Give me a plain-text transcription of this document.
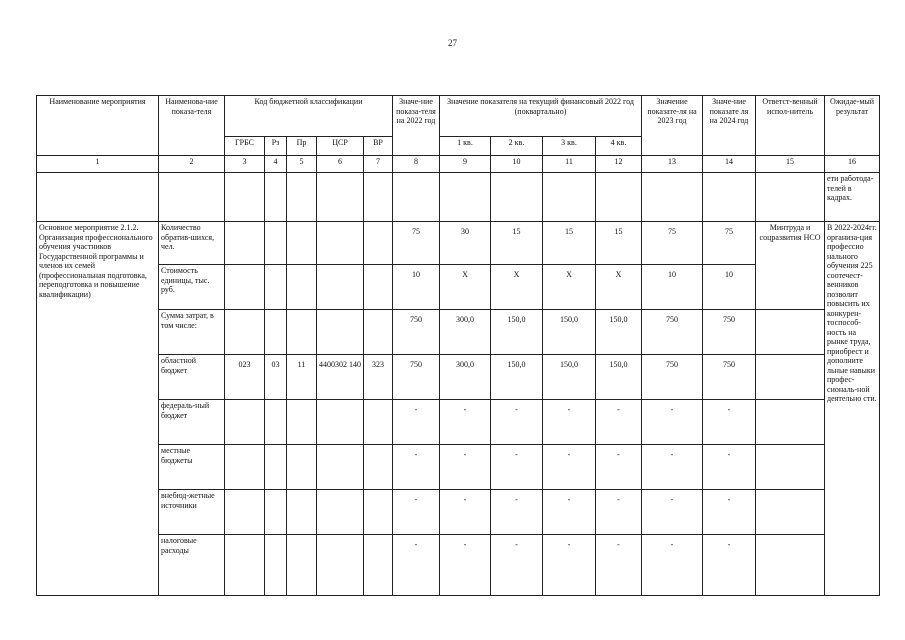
27
Наименование мероприятия	Наименова-ние показа-теля	Код бюджетной классификации					Значе-ние показа-теля на 2022 год	Значение показателя на текущий финансовый 2022 год (поквартально)				Значение показате-ля на 2023 год	Значе-ние показате ля на 2024 год	Ответст-венный испол-нитель	Ожидае-мый результат
		ГРБС	Рз	Пр	ЦСР	ВР		1 кв.	2 кв.	3 кв.	4 кв.				
1	2	3	4	5	6	7	8	9	10	11	12	13	14	15	16
															ети работода-телей в кадрах.
Основное мероприятие 2.1.2. Организация профессионального обучения участников Государственной программы и членов их семей (профессиональная подготовка, переподготовка и повышение квалификации)	Количество обратив-шихся, чел.						75	30	15	15	15	75	75	Минтруда и соцразвития НСО	В 2022-2024гг. организа-ция профессио нального обучения 225 соотечест-венников позволит повысить их конкурен-тоспособ-ность на рынке труда, приобрест и дополните льные навыки профес-сиональ-ной деятельно сти.
	Стоимость единицы, тыс. руб.						10	Х	Х	Х	Х	10	10		
	Сумма затрат, в том числе:						750	300,0	150,0	150,0	150,0	750	750		
	областной бюджет	023	03	11	4400302 140	323	750	300,0	150,0	150,0	150,0	750	750		
	федераль-ный бюджет						-	-	-	-	-	-	-		
	местные бюджеты						-	-	-	-	-	-	-		
	внебюд-жетные источники						-	-	-	-	-	-	-		
	налоговые расходы						-	-	-	-	-	-	-		
